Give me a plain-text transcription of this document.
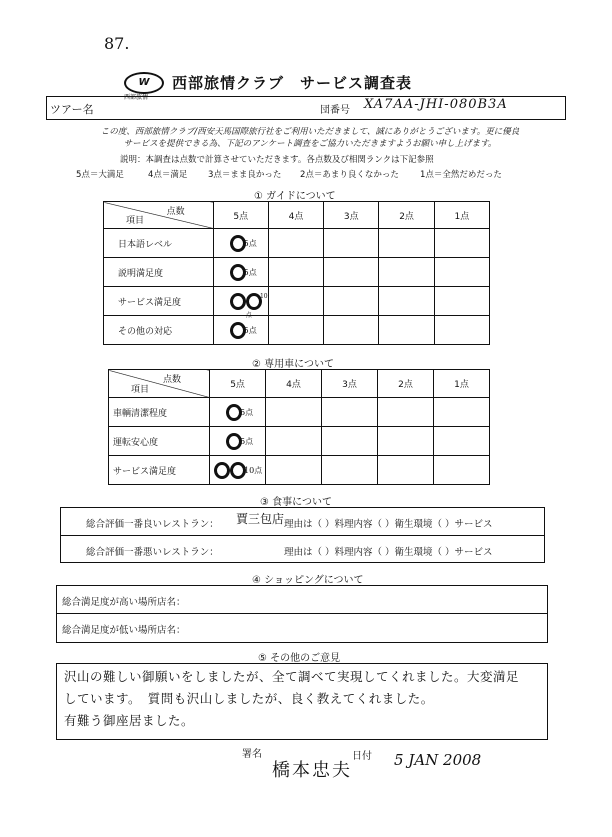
87.
W
西部旅情
西部旅情クラブ　サービス調査表
ツアー名	団番号 XA7AA-JHI-080B3A
この度、西部旅情クラブ/西安天馬国際旅行社をご利用いただきまして、誠にありがとうございます。更に優良
サービスを提供できる為、下記のアンケート調査をご協力いただきますようお願い申し上げます。
説明：本調査は点数で計算させていただきます。各点数及び相関ランクは下記参照
5点＝大満足	4点＝満足 3点＝まま良かった 2点＝あまり良くなかった 1点＝全然だめだった
① ガイドについて
点数
項目	5点	4点	3点	2点	1点
日本語レベル	5点				

説明満足度	5点				

サービス満足度	$^{10点}$

その他の対応	5点				

② 専用車について
点数
項目	5点	4点	3点	2点	1点
車輌清潔程度	5点				

運転安心度	5点				

サービス満足度	10点				

③ 食事について
総合評価一番良いレストラン： 賈三包店 理由は（ ）料理内容（ ）衛生環境（ ）サービス
総合評価一番悪いレストラン：	理由は（ ）料理内容（ ）衛生環境（ ）サービス
④ ショッピングについて
総合満足度が高い場所店名：
総合満足度が低い場所店名：
⑤ その他のご意見
沢山の難しい御願いをしましたが、全て調べて実現してくれました。大変満足
しています。　質問も沢山しましたが、良く教えてくれました。
有難う御座居ました。
署名
橋本忠夫
日付 5 JAN 2008
